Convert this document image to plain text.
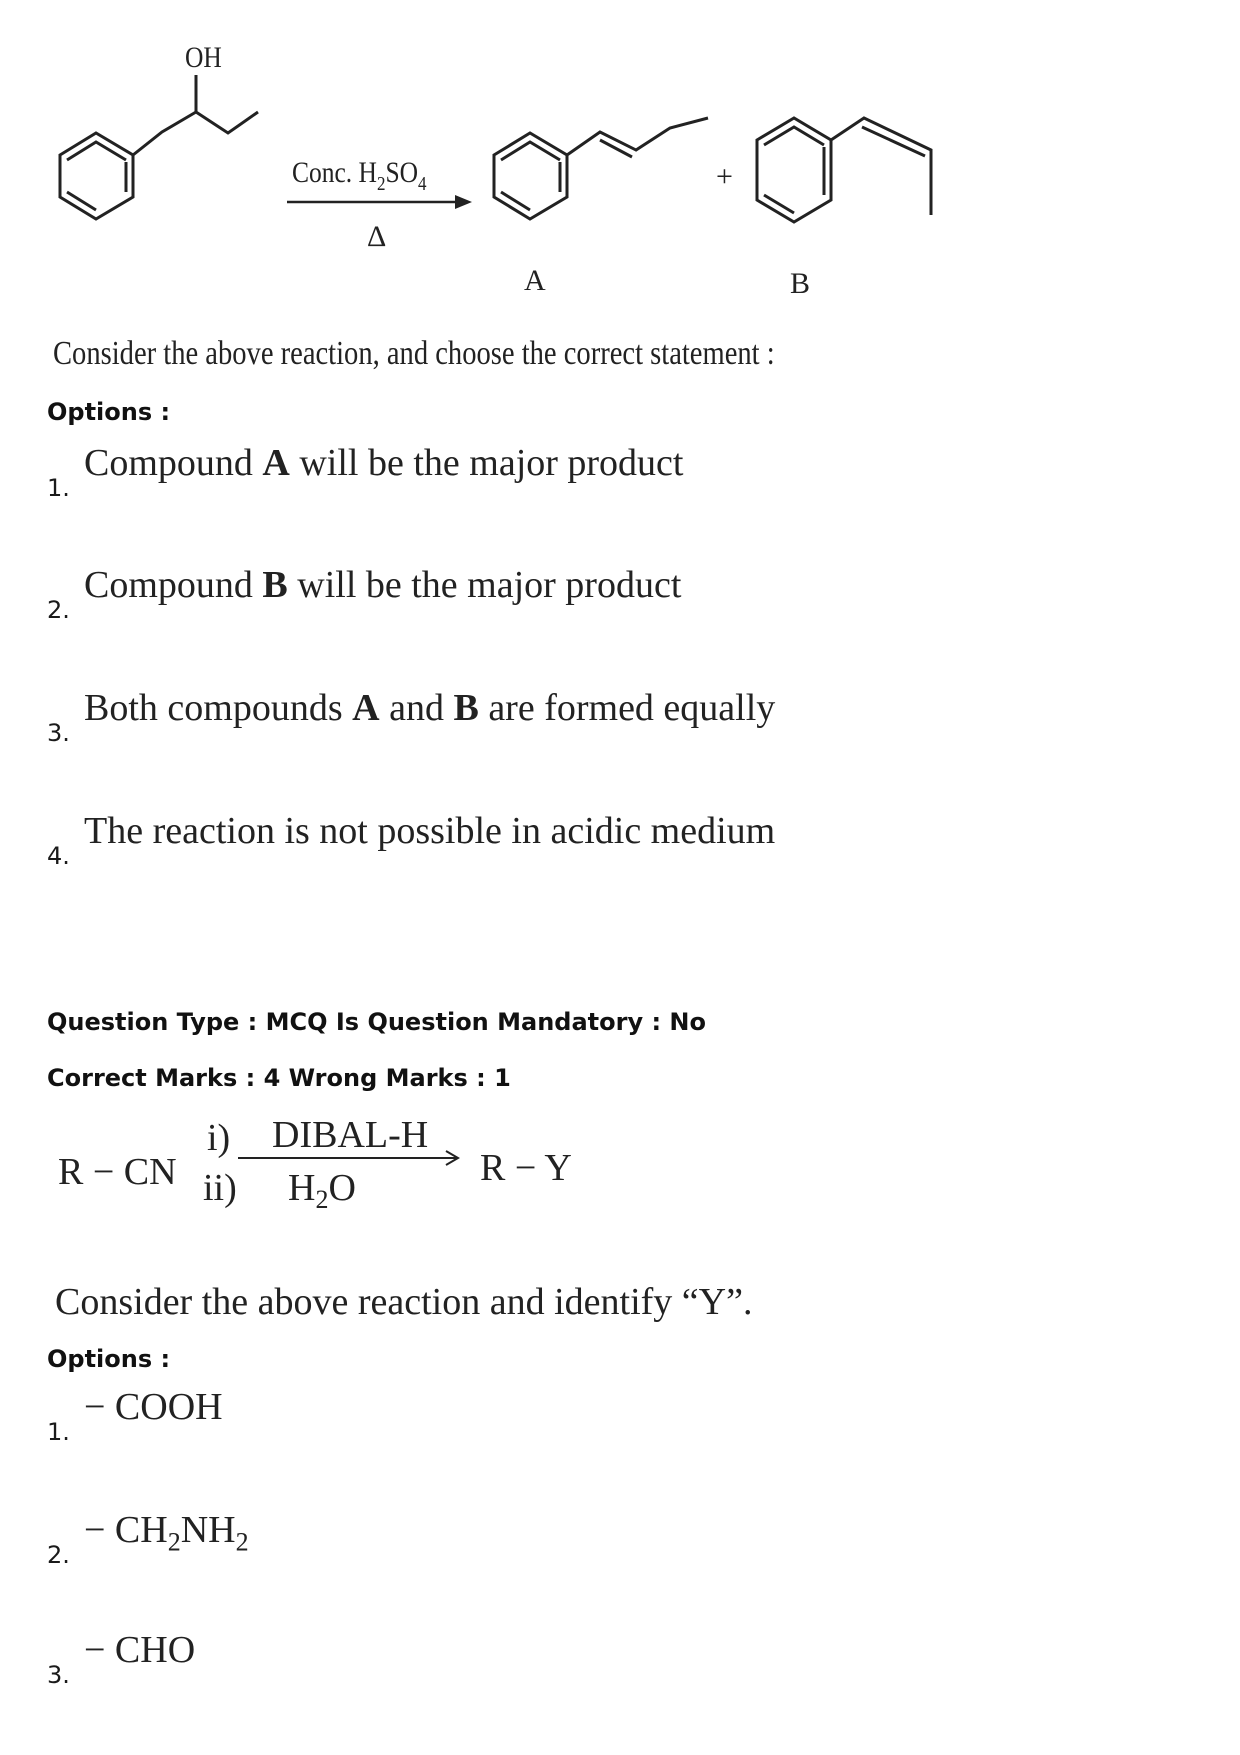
OH
Conc. $H_2SO_4$
Δ
A
+
B
Consider the above reaction, and choose the correct statement :
Options :
1.
Compound A will be the major product
2.
Compound B will be the major product
3.
Both compounds A and B are formed equally
4.
The reaction is not possible in acidic medium
Question Type : MCQ Is Question Mandatory : No
Correct Marks : 4 Wrong Marks : 1
R − CN
i)
ii)
DIBAL-H
$H_2O$	R − Y
Consider the above reaction and identify “Y”.
Options :
1.
− COOH
2.
− $CH_2NH_2$
3.
− CHO
